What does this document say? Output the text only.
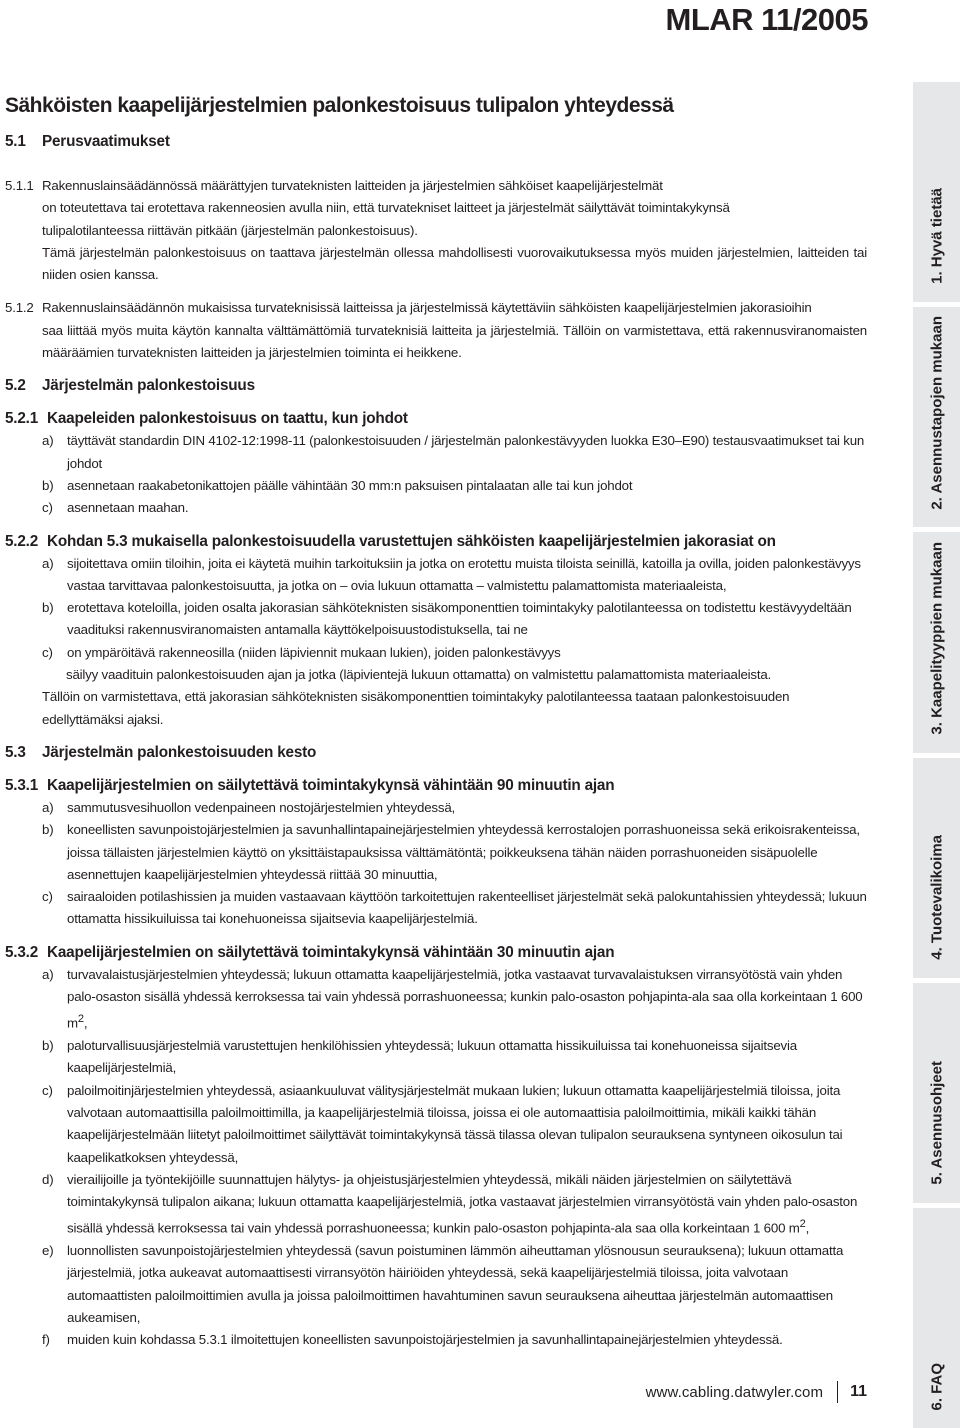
MLAR 11/2005
Sähköisten kaapelijärjestelmien palonkestoisuus tulipalon yhteydessä

5.1 Perusvaatimukset

5.1.1 Rakennuslainsäädännössä määrättyjen turvateknisten laitteiden ja järjestelmien sähköiset kaapelijärjestelmät

on toteutettava tai erotettava rakenneosien avulla niin, että turvatekniset laitteet ja järjestelmät säilyttävät toimintakykynsä

tulipalotilanteessa riittävän pitkään (järjestelmän palonkestoisuus).

Tämä järjestelmän palonkestoisuus on taattava järjestelmän ollessa mahdollisesti vuorovaikutuksessa myös muiden järjestelmien, laitteiden tai niiden osien kanssa.

5.1.2 Rakennuslainsäädännön mukaisissa turvateknisissä laitteissa ja järjestelmissä käytettäviin sähköisten kaapelijärjestelmien jakorasioihin

saa liittää myös muita käytön kannalta välttämättömiä turvateknisiä laitteita ja järjestelmiä. Tällöin on varmistettava, että rakennusviranomaisten määräämien turvateknisten laitteiden ja järjestelmien toiminta ei heikkene.

5.2 Järjestelmän palonkestoisuus

5.2.1 Kaapeleiden palonkestoisuus on taattu, kun johdot

a)	täyttävät standardin DIN 4102-12:1998-11 (palonkestoisuuden / järjestelmän palonkestävyyden luokka E30–E90) testausvaatimukset tai kun johdot
b)	asennetaan raakabetonikattojen päälle vähintään 30 mm:n paksuisen pintalaatan alle tai kun johdot
c)	asennetaan maahan.

5.2.2 Kohdan 5.3 mukaisella palonkestoisuudella varustettujen sähköisten kaapelijärjestelmien jakorasiat on

a)	sijoitettava omiin tiloihin, joita ei käytetä muihin tarkoituksiin ja jotka on erotettu muista tiloista seinillä, katoilla ja ovilla, joiden palonkestävyys vastaa tarvittavaa palonkestoisuutta, ja jotka on – ovia lukuun ottamatta – valmistettu palamattomista materiaaleista,
b)	erotettava koteloilla, joiden osalta jakorasian sähköteknisten sisäkomponenttien toimintakyky palotilanteessa on todistettu kestävyydeltään vaadituksi rakennusviranomaisten antamalla käyttökelpoisuustodistuksella, tai ne
c)	on ympäröitävä rakenneosilla (niiden läpiviennit mukaan lukien), joiden palonkestävyys

säilyy vaadituin palonkestoisuuden ajan ja jotka (läpivientejä lukuun ottamatta) on valmistettu palamattomista materiaaleista.

Tällöin on varmistettava, että jakorasian sähköteknisten sisäkomponenttien toimintakyky palotilanteessa taataan palonkestoisuuden edellyttämäksi ajaksi.

5.3 Järjestelmän palonkestoisuuden kesto

5.3.1 Kaapelijärjestelmien on säilytettävä toimintakykynsä vähintään 90 minuutin ajan

a)	sammutusvesihuollon vedenpaineen nostojärjestelmien yhteydessä,
b)	koneellisten savunpoistojärjestelmien ja savunhallintapainejärjestelmien yhteydessä kerrostalojen porrashuoneissa sekä erikoisrakenteissa, joissa tällaisten järjestelmien käyttö on yksittäistapauksissa välttämätöntä; poikkeuksena tähän näiden porrashuoneiden sisäpuolelle asennettujen kaapelijärjestelmien yhteydessä riittää 30 minuuttia,
c)	sairaaloiden potilashissien ja muiden vastaavaan käyttöön tarkoitettujen rakenteelliset järjestelmät sekä palokuntahissien yhteydessä; lukuun ottamatta hissikuiluissa tai konehuoneissa sijaitsevia kaapelijärjestelmiä.

5.3.2 Kaapelijärjestelmien on säilytettävä toimintakykynsä vähintään 30 minuutin ajan

a)	turvavalaistusjärjestelmien yhteydessä; lukuun ottamatta kaapelijärjestelmiä, jotka vastaavat turvavalaistuksen virransyötöstä vain yhden palo-osaston sisällä yhdessä kerroksessa tai vain yhdessä porrashuoneessa; kunkin palo-osaston pohjapinta-ala saa olla korkeintaan 1 600 $m^2$,
b)	paloturvallisuusjärjestelmiä varustettujen henkilöhissien yhteydessä; lukuun ottamatta hissikuiluissa tai konehuoneissa sijaitsevia kaapelijärjestelmiä,
c)	paloilmoitinjärjestelmien yhteydessä, asiaankuuluvat välitysjärjestelmät mukaan lukien; lukuun ottamatta kaapelijärjestelmiä tiloissa, joita valvotaan automaattisilla paloilmoittimilla, ja kaapelijärjestelmiä tiloissa, joissa ei ole automaattisia paloilmoittimia, mikäli kaikki tähän kaapelijärjestelmään liitetyt paloilmoittimet säilyttävät toimintakykynsä tässä tilassa olevan tulipalon seurauksena syntyneen oikosulun tai kaapelikatkoksen yhteydessä,
d)	vierailijoille ja työntekijöille suunnattujen hälytys- ja ohjeistusjärjestelmien yhteydessä, mikäli näiden järjestelmien on säilytettävä toimintakykynsä tulipalon aikana; lukuun ottamatta kaapelijärjestelmiä, jotka vastaavat järjestelmien virransyötöstä vain yhden palo-osaston sisällä yhdessä kerroksessa tai vain yhdessä porrashuoneessa; kunkin palo-osaston pohjapinta-ala saa olla korkeintaan 1 600 $m^2$,
e)	luonnollisten savunpoistojärjestelmien yhteydessä (savun poistuminen lämmön aiheuttaman ylösnousun seurauksena); lukuun ottamatta järjestelmiä, jotka aukeavat automaattisesti virransyötön häiriöiden yhteydessä, sekä kaapelijärjestelmiä tiloissa, joita valvotaan automaattisten paloilmoittimien avulla ja joissa paloilmoittimen havahtuminen savun seurauksena aiheuttaa järjestelmän automaattisen aukeamisen,
f)	muiden kuin kohdassa 5.3.1 ilmoitettujen koneellisten savunpoistojärjestelmien ja savunhallintapainejärjestelmien yhteydessä.
www.cabling.datwyler.com 11
1. Hyvä tietää
2. Asennustapojen mukaan
3. Kaapelityyppien mukaan
4. Tuotevalikoima
5. Asennusohjeet
6. FAQ
